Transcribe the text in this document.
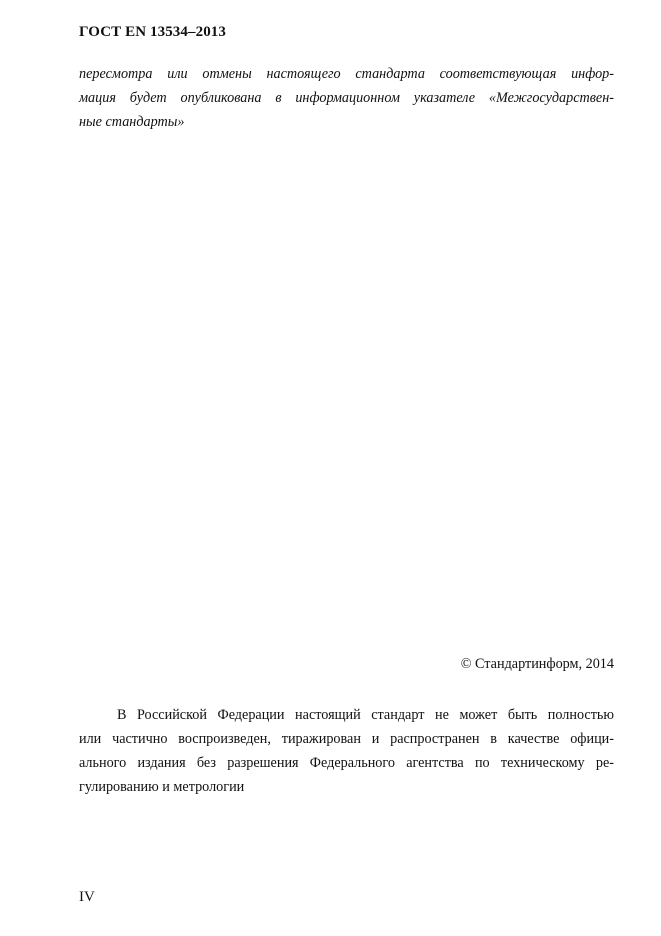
ГОСТ EN 13534–2013
пересмотра или отмены настоящего стандарта соответствующая инфор-
мация будет опубликована в информационном указателе «Межгосударствен-
ные стандарты»
© Стандартинформ, 2014
В Российской Федерации настоящий стандарт не может быть полностью
или частично воспроизведен, тиражирован и распространен в качестве офици-
ального издания без разрешения Федерального агентства по техническому ре-
гулированию и метрологии
IV
